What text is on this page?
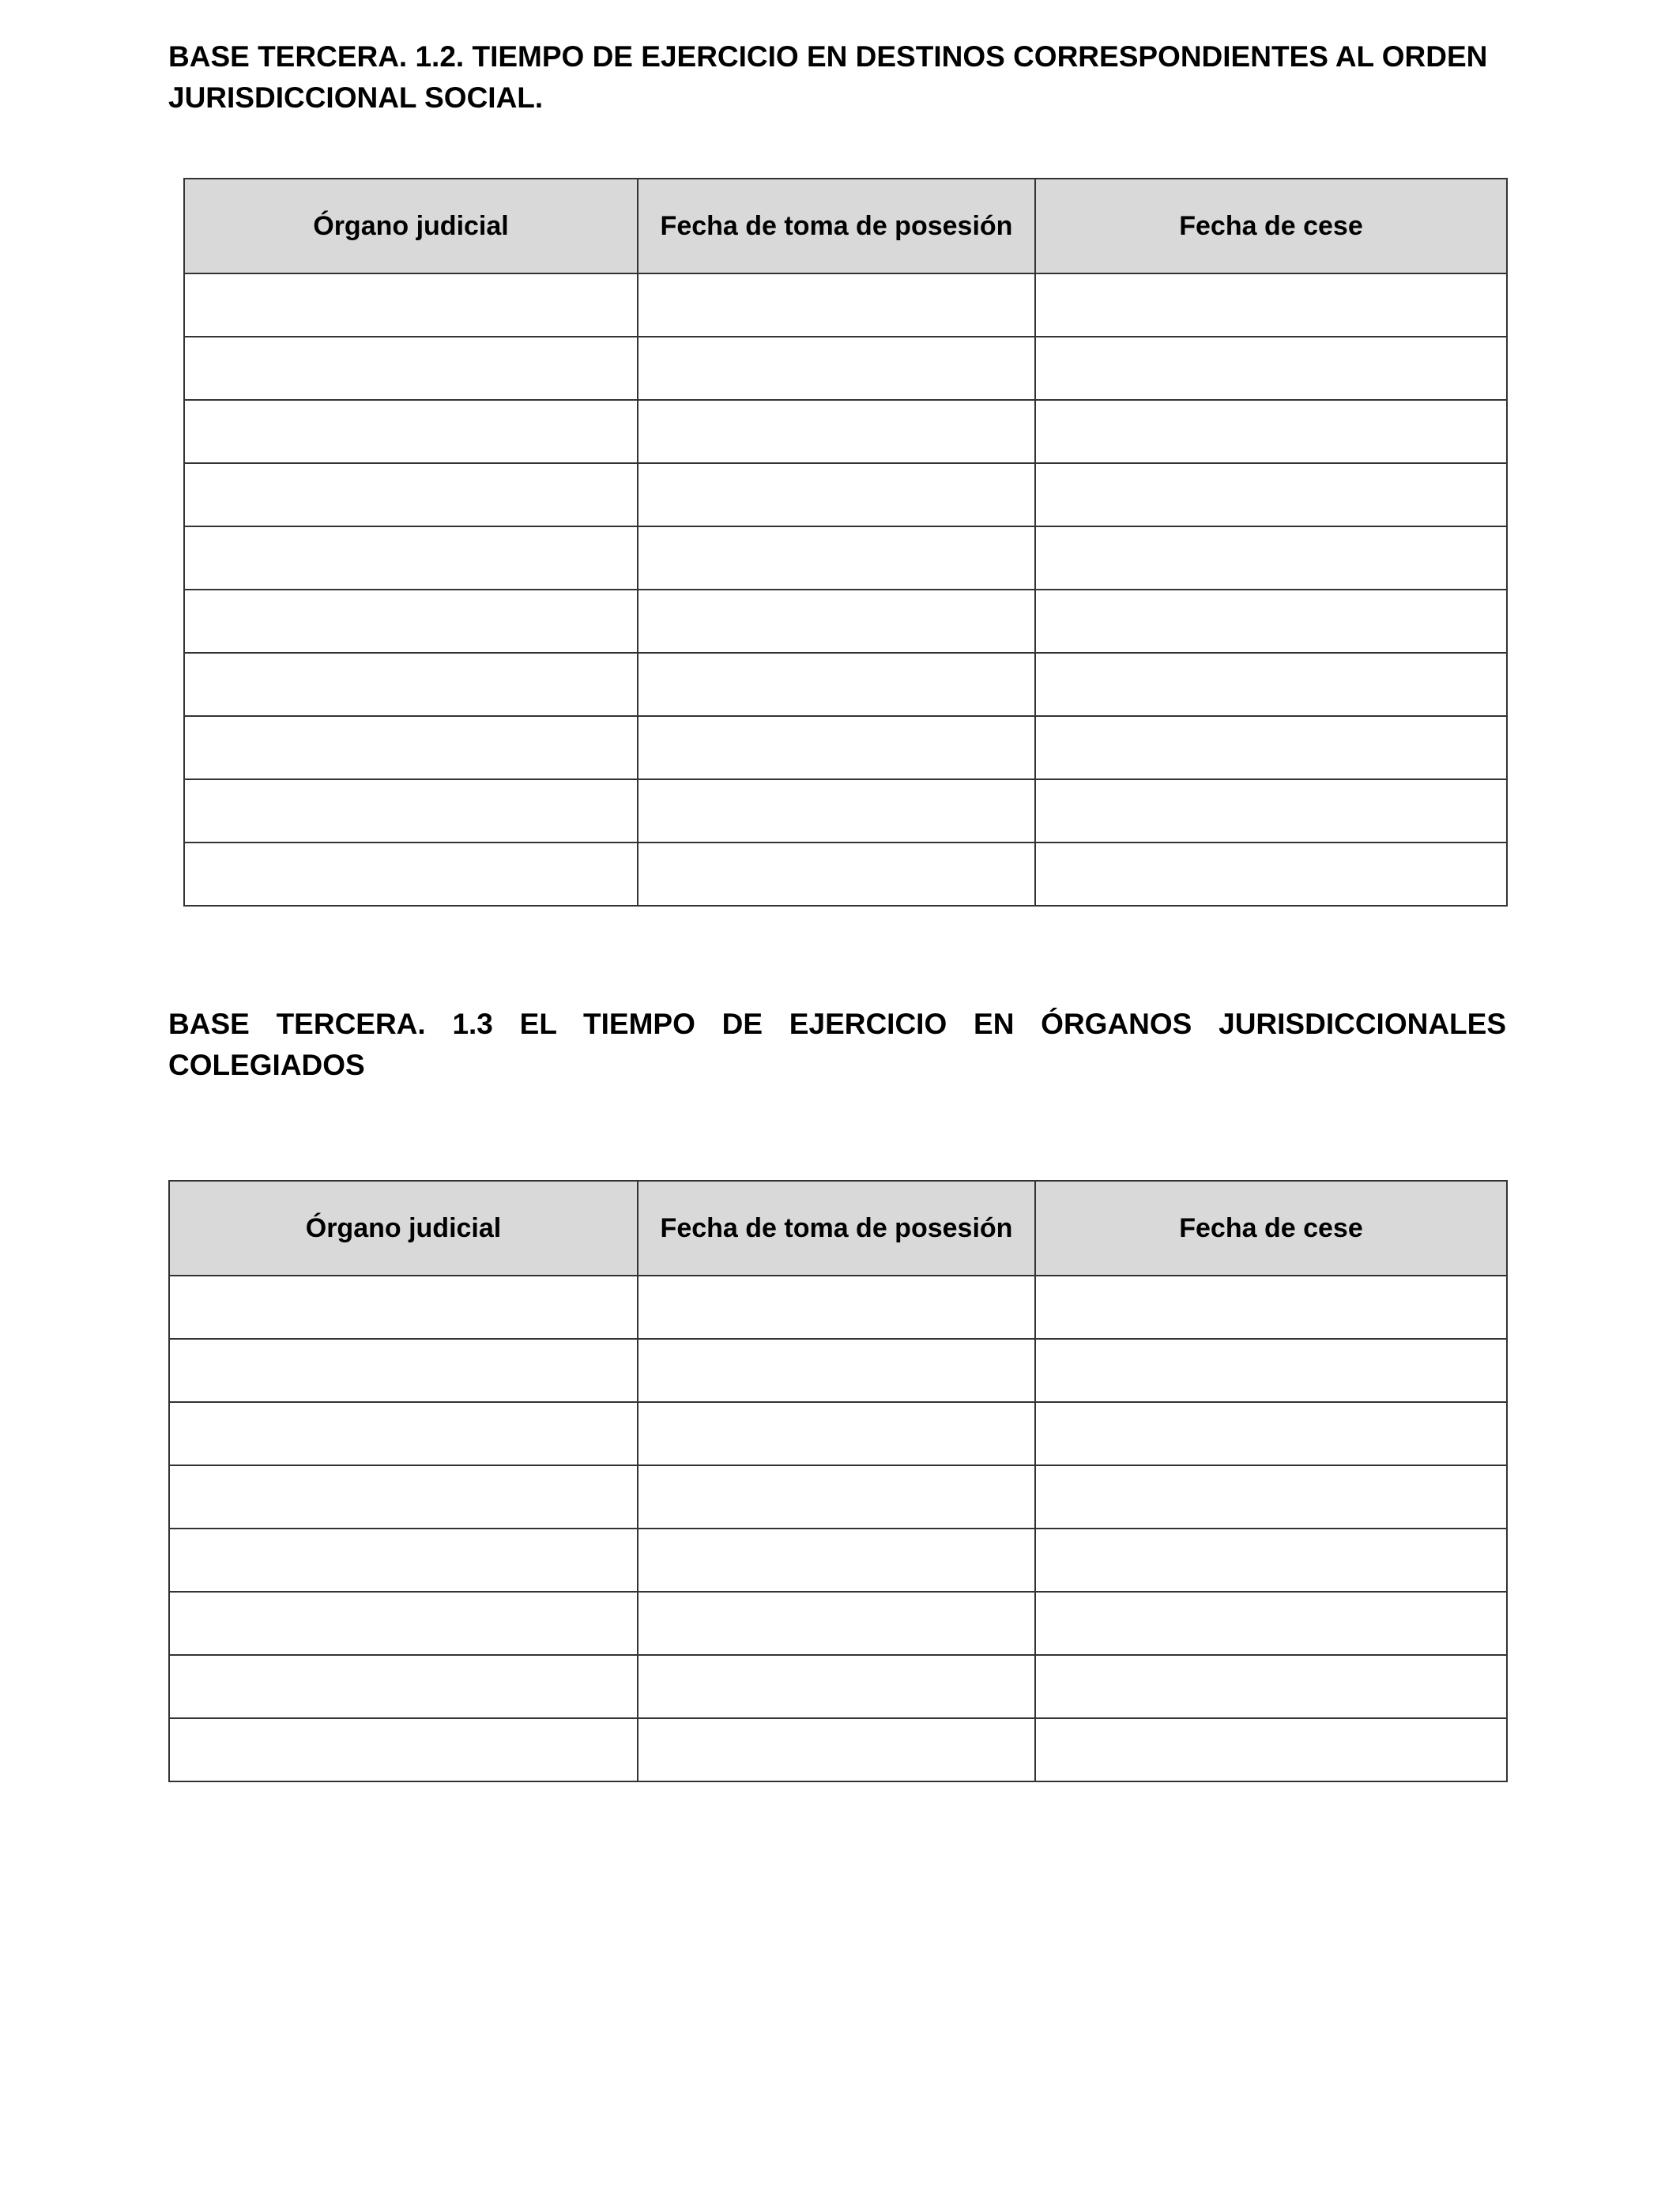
BASE TERCERA. 1.2. TIEMPO DE EJERCICIO EN DESTINOS CORRESPONDIENTES AL ORDEN JURISDICCIONAL SOCIAL.
Órgano judicial	Fecha de toma de posesión	Fecha de cese

BASE TERCERA. 1.3 EL TIEMPO DE EJERCICIO EN ÓRGANOS JURISDICCIONALES COLEGIADOS
Órgano judicial	Fecha de toma de posesión	Fecha de cese
